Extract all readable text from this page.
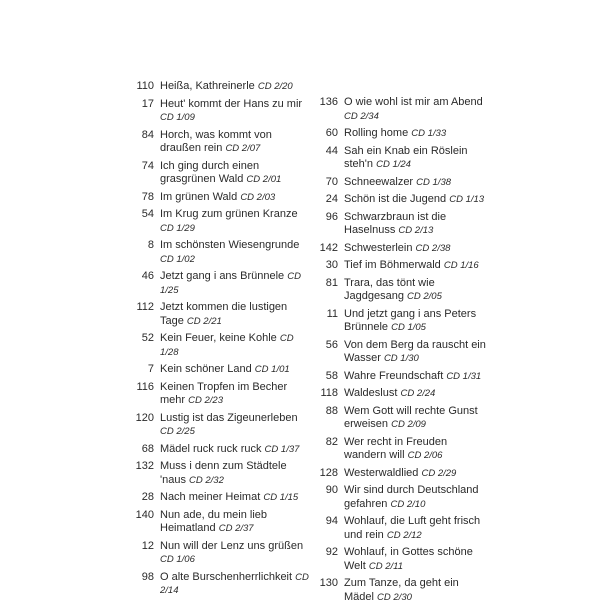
110 Heißa, Kathreinerle CD 2/20
17 Heut' kommt der Hans zu mirCD 1/09
84 Horch, was kommt von draußen rein CD 2/07
74 Ich ging durch einen grasgrünen Wald CD 2/01
78 Im grünen Wald CD 2/03
54 Im Krug zum grünen KranzeCD 1/29
8 Im schönsten WiesengrundeCD 1/02
46 Jetzt gang i ans Brünnele CD 1/25
112 Jetzt kommen die lustigen Tage CD 2/21
52 Kein Feuer, keine Kohle CD 1/28
7 Kein schöner Land CD 1/01
116 Keinen Tropfen im Becher mehr CD 2/23
120 Lustig ist das ZigeunerlebenCD 2/25
68 Mädel ruck ruck ruck CD 1/37
132 Muss i denn zum Städtele 'naus CD 2/32
28 Nach meiner Heimat CD 1/15
140 Nun ade, du mein lieb Heimatland CD 2/37
12 Nun will der Lenz uns grüßenCD 1/06
98 O alte Burschenherrlichkeit CD 2/14
136 O wie wohl ist mir am AbendCD 2/34
60 Rolling home CD 1/33
44 Sah ein Knab ein Röslein steh'n CD 1/24
70 Schneewalzer CD 1/38
24 Schön ist die Jugend CD 1/13
96 Schwarzbraun ist die Haselnuss CD 2/13
142 Schwesterlein CD 2/38
30 Tief im Böhmerwald CD 1/16
81 Trara, das tönt wie Jagdgesang CD 2/05
11 Und jetzt gang i ans Peters Brünnele CD 1/05
56 Von dem Berg da rauscht ein Wasser CD 1/30
58 Wahre Freundschaft CD 1/31
118 Waldeslust CD 2/24
88 Wem Gott will rechte Gunst erweisen CD 2/09
82 Wer recht in Freuden wandern will CD 2/06
128 Westerwaldlied CD 2/29
90 Wir sind durch Deutschland gefahren CD 2/10
94 Wohlauf, die Luft geht frisch und rein CD 2/12
92 Wohlauf, in Gottes schöne Welt CD 2/11
130 Zum Tanze, da geht ein Mädel CD 2/30
